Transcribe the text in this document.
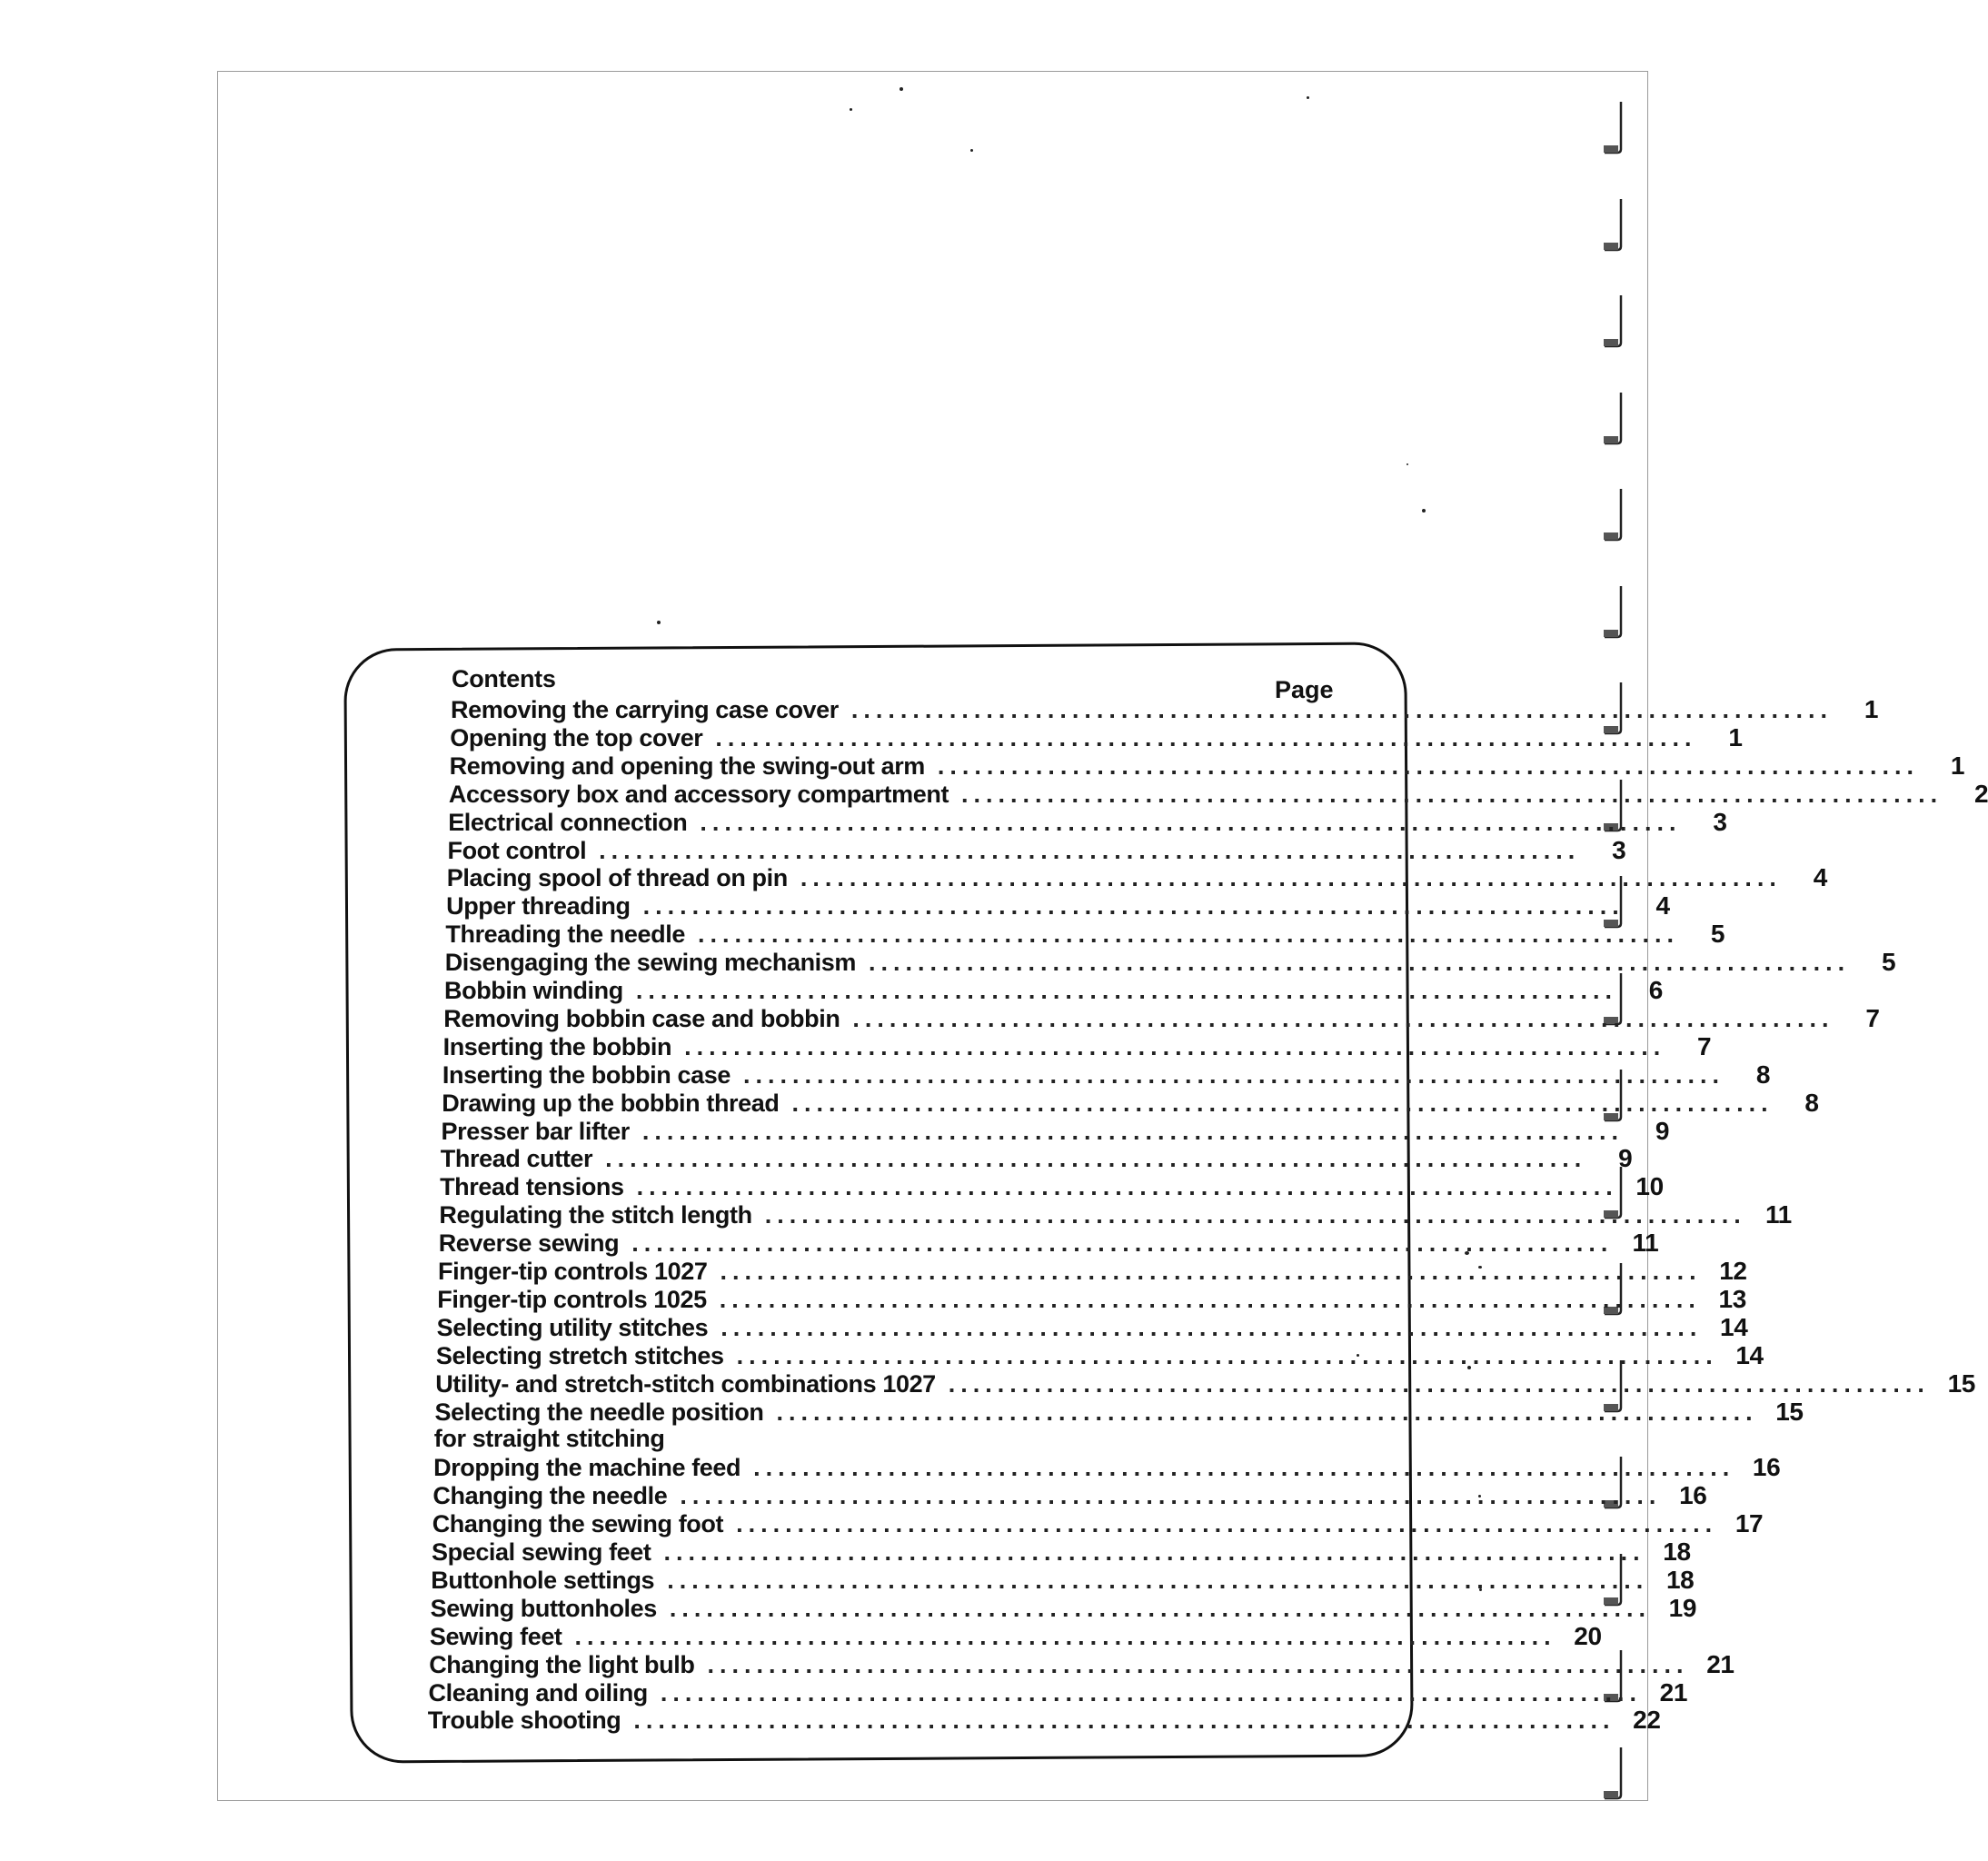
Contents	Page
Removing the carrying case cover ................................................................................	1
Opening the top cover ................................................................................	1
Removing and opening the swing-out arm ................................................................................	1
Accessory box and accessory compartment ................................................................................	2
Electrical connection ................................................................................	3
Foot control ................................................................................	3
Placing spool of thread on pin ................................................................................	4
Upper threading ................................................................................	4
Threading the needle ................................................................................	5
Disengaging the sewing mechanism ................................................................................	5
Bobbin winding ................................................................................	6
Removing bobbin case and bobbin ................................................................................	7
Inserting the bobbin ................................................................................	7
Inserting the bobbin case ................................................................................	8
Drawing up the bobbin thread ................................................................................	8
Presser bar lifter ................................................................................	9
Thread cutter ................................................................................	9
Thread tensions ................................................................................ 10
Regulating the stitch length ................................................................................ 11
Reverse sewing ................................................................................ 11
Finger-tip controls 1027 ................................................................................ 12
Finger-tip controls 1025 ................................................................................ 13
Selecting utility stitches ................................................................................ 14
Selecting stretch stitches ................................................................................ 14
Utility- and stretch-stitch combinations 1027 ................................................................................ 15
Selecting the needle position ................................................................................ 15
for straight stitching
Dropping the machine feed ................................................................................ 16
Changing the needle ................................................................................ 16
Changing the sewing foot ................................................................................ 17
Special sewing feet ................................................................................ 18
Buttonhole settings ................................................................................ 18
Sewing buttonholes ................................................................................ 19
Sewing feet ................................................................................ 20
Changing the light bulb ................................................................................ 21
Cleaning and oiling ................................................................................ 21
Trouble shooting ................................................................................ 22
